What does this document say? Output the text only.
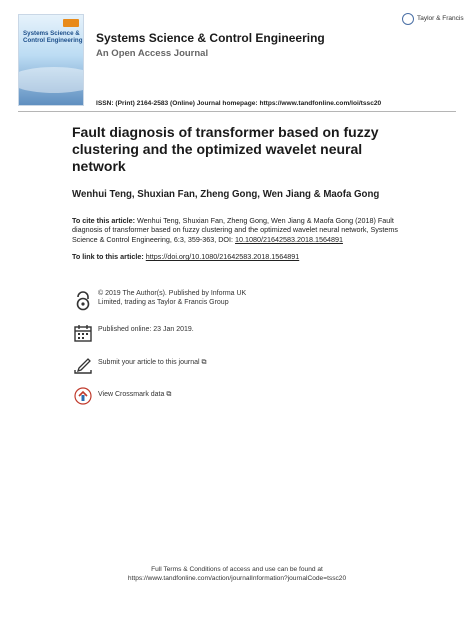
Systems Science &
Control Engineering Systems Science & Control Engineering
An Open Access Journal
Taylor & Francis
ISSN: (Print) 2164-2583 (Online) Journal homepage: https://www.tandfonline.com/loi/tssc20
Fault diagnosis of transformer based on fuzzy clustering and the optimized wavelet neural network
Wenhui Teng, Shuxian Fan, Zheng Gong, Wen Jiang & Maofa Gong
To cite this article: Wenhui Teng, Shuxian Fan, Zheng Gong, Wen Jiang & Maofa Gong (2018) Fault diagnosis of transformer based on fuzzy clustering and the optimized wavelet neural network, Systems Science & Control Engineering, 6:3, 359-363, DOI: 10.1080/21642583.2018.1564891
To link to this article: https://doi.org/10.1080/21642583.2018.1564891
© 2019 The Author(s). Published by Informa UK Limited, trading as Taylor & Francis Group
Published online: 23 Jan 2019.
Submit your article to this journal ⧉
View Crossmark data ⧉
Full Terms & Conditions of access and use can be found at
https://www.tandfonline.com/action/journalInformation?journalCode=tssc20
